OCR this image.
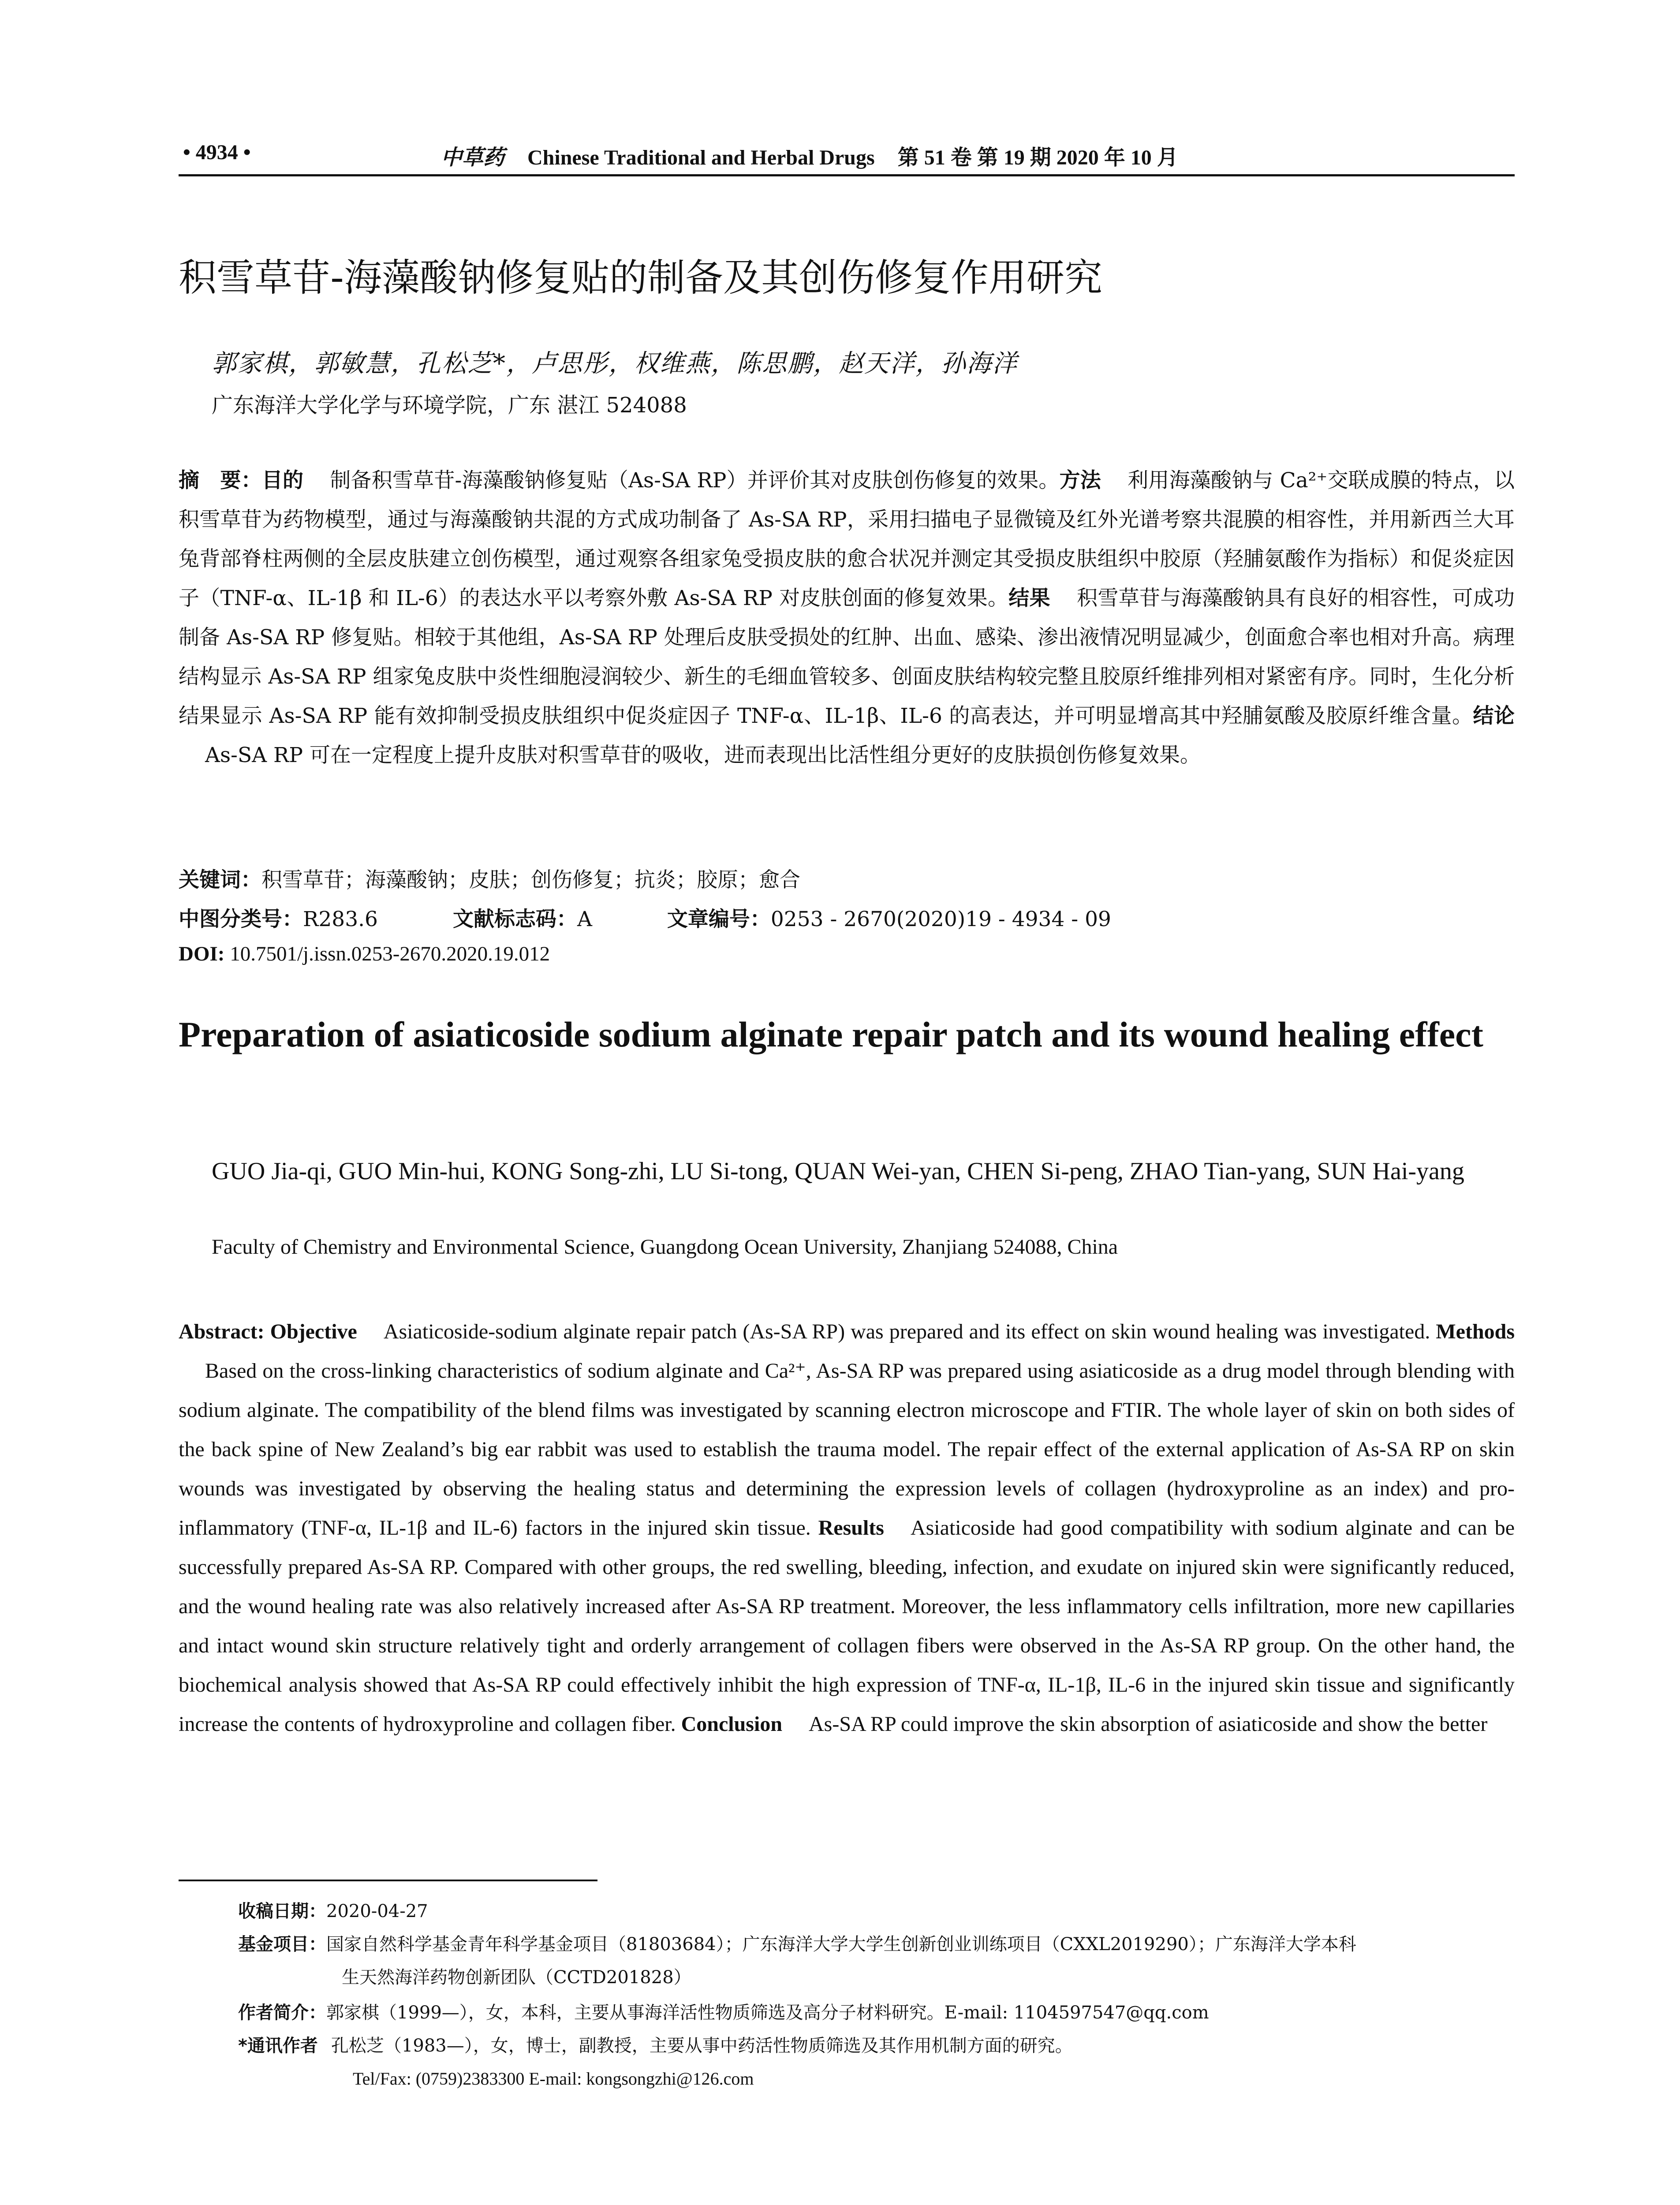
• 4934 •	中草药 Chinese Traditional and Herbal Drugs 第 51 卷 第 19 期 2020 年 10 月
积雪草苷-海藻酸钠修复贴的制备及其创伤修复作用研究
郭家棋，郭敏慧，孔松芝*，卢思彤，权维燕，陈思鹏，赵天洋，孙海洋
广东海洋大学化学与环境学院，广东 湛江 524088
摘　要：目的 制备积雪草苷-海藻酸钠修复贴（As-SA RP）并评价其对皮肤创伤修复的效果。方法 利用海藻酸钠与 Ca²⁺交联成膜的特点，以积雪草苷为药物模型，通过与海藻酸钠共混的方式成功制备了 As-SA RP，采用扫描电子显微镜及红外光谱考察共混膜的相容性，并用新西兰大耳兔背部脊柱两侧的全层皮肤建立创伤模型，通过观察各组家兔受损皮肤的愈合状况并测定其受损皮肤组织中胶原（羟脯氨酸作为指标）和促炎症因子（TNF-α、IL-1β 和 IL-6）的表达水平以考察外敷 As-SA RP 对皮肤创面的修复效果。结果 积雪草苷与海藻酸钠具有良好的相容性，可成功制备 As-SA RP 修复贴。相较于其他组，As-SA RP 处理后皮肤受损处的红肿、出血、感染、渗出液情况明显减少，创面愈合率也相对升高。病理结构显示 As-SA RP 组家兔皮肤中炎性细胞浸润较少、新生的毛细血管较多、创面皮肤结构较完整且胶原纤维排列相对紧密有序。同时，生化分析结果显示 As-SA RP 能有效抑制受损皮肤组织中促炎症因子 TNF-α、IL-1β、IL-6 的高表达，并可明显增高其中羟脯氨酸及胶原纤维含量。结论As-SA RP 可在一定程度上提升皮肤对积雪草苷的吸收，进而表现出比活性组分更好的皮肤损创伤修复效果。
关键词：积雪草苷；海藻酸钠；皮肤；创伤修复；抗炎；胶原；愈合
中图分类号：R283.6	文献标志码：A	文章编号：0253 - 2670(2020)19 - 4934 - 09
DOI: 10.7501/j.issn.0253-2670.2020.19.012
Preparation of asiaticoside sodium alginate repair patch and its wound healing effect
GUO Jia-qi, GUO Min-hui, KONG Song-zhi, LU Si-tong, QUAN Wei-yan, CHEN Si-peng, ZHAO Tian-yang, SUN Hai-yang
Faculty of Chemistry and Environmental Science, Guangdong Ocean University, Zhanjiang 524088, China
Abstract: Objective Asiaticoside-sodium alginate repair patch (As-SA RP) was prepared and its effect on skin wound healing was investigated. MethodsBased on the cross-linking characteristics of sodium alginate and Ca²⁺, As-SA RP was prepared using asiaticoside as a drug model through blending with sodium alginate. The compatibility of the blend films was investigated by scanning electron microscope and FTIR. The whole layer of skin on both sides of the back spine of New Zealand’s big ear rabbit was used to establish the trauma model. The repair effect of the external application of As-SA RP on skin wounds was investigated by observing the healing status and determining the expression levels of collagen (hydroxyproline as an index) and pro-inflammatory (TNF-α, IL-1β and IL-6) factors in the injured skin tissue. Results Asiaticoside had good compatibility with sodium alginate and can be successfully prepared As-SA RP. Compared with other groups, the red swelling, bleeding, infection, and exudate on injured skin were significantly reduced, and the wound healing rate was also relatively increased after As-SA RP treatment. Moreover, the less inflammatory cells infiltration, more new capillaries and intact wound skin structure relatively tight and orderly arrangement of collagen fibers were observed in the As-SA RP group. On the other hand, the biochemical analysis showed that As-SA RP could effectively inhibit the high expression of TNF-α, IL-1β, IL-6 in the injured skin tissue and significantly increase the contents of hydroxyproline and collagen fiber. Conclusion As-SA RP could improve the skin absorption of asiaticoside and show the better
收稿日期：2020-04-27
基金项目：国家自然科学基金青年科学基金项目（81803684）；广东海洋大学大学生创新创业训练项目（CXXL2019290）；广东海洋大学本科
生天然海洋药物创新团队（CCTD201828）
作者简介：郭家棋（1999—），女，本科，主要从事海洋活性物质筛选及高分子材料研究。E-mail: 1104597547@qq.com
*通讯作者 孔松芝（1983—），女，博士，副教授，主要从事中药活性物质筛选及其作用机制方面的研究。
Tel/Fax: (0759)2383300 E-mail: kongsongzhi@126.com
